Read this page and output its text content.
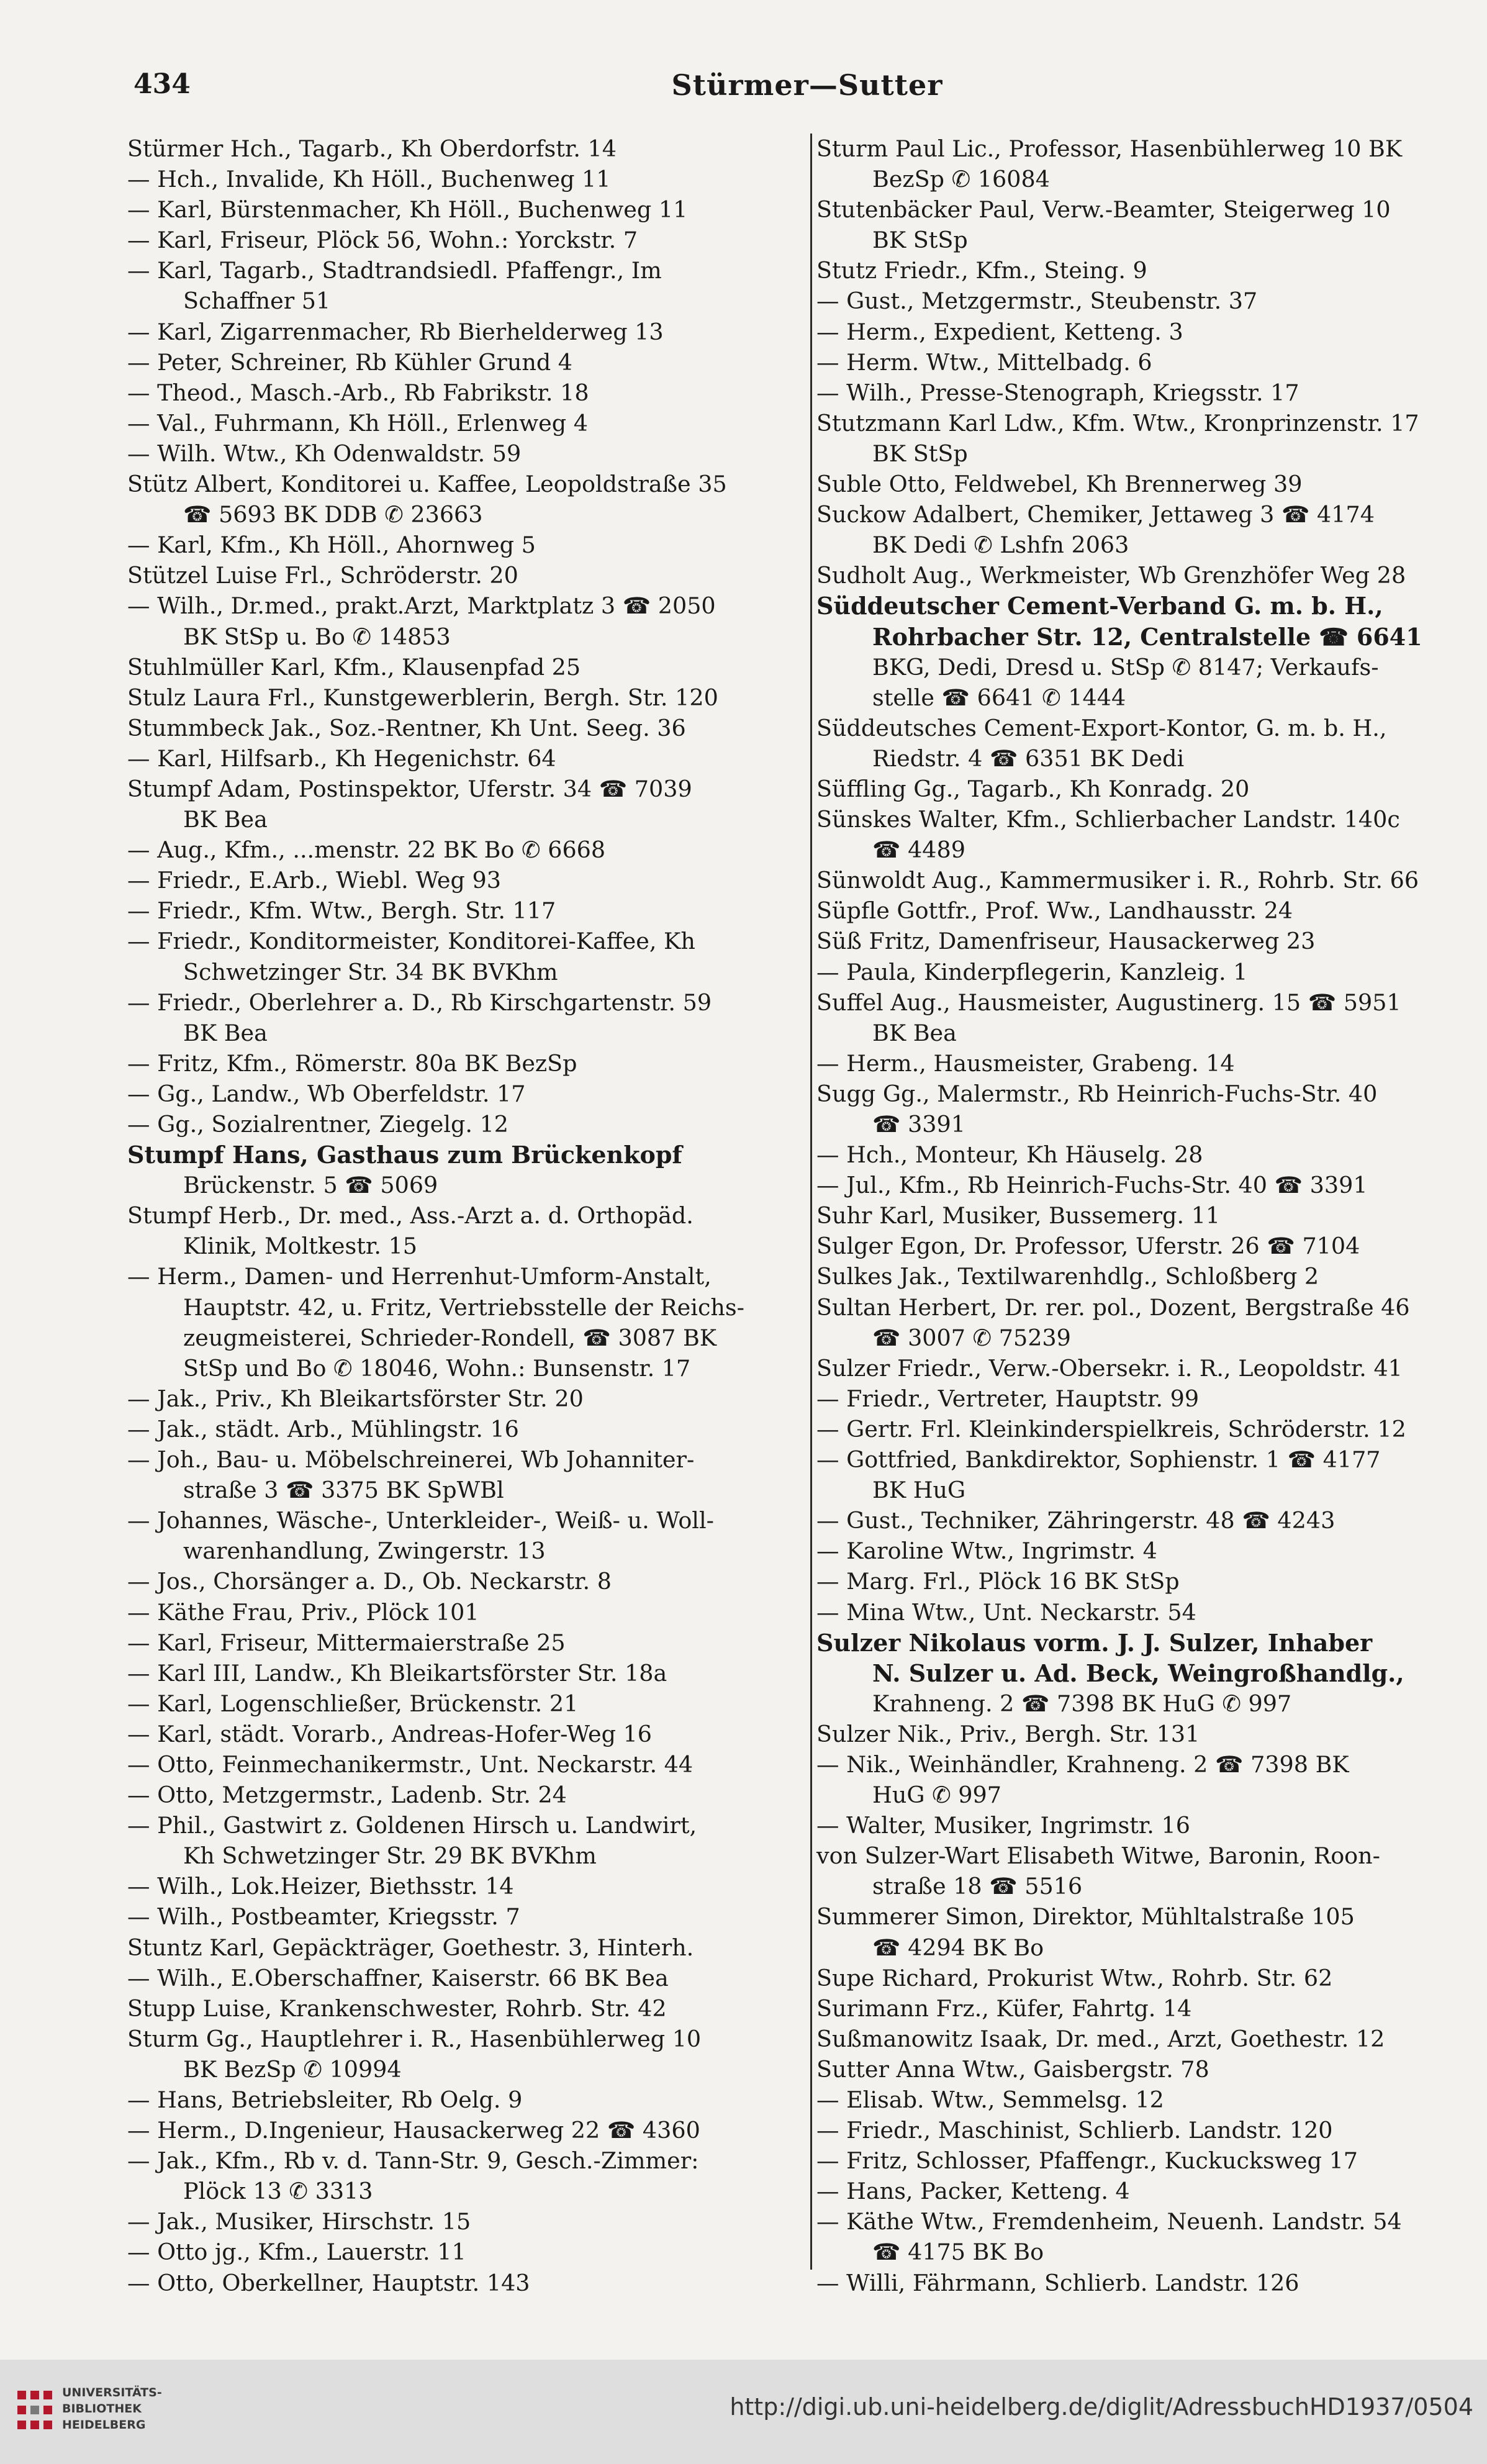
434	Stürmer—Sutter
Stürmer Hch., Tagarb., Kh Oberdorfstr. 14
— Hch., Invalide, Kh Höll., Buchenweg 11
— Karl, Bürstenmacher, Kh Höll., Buchenweg 11
— Karl, Friseur, Plöck 56, Wohn.: Yorckstr. 7
— Karl, Tagarb., Stadtrandsiedl. Pfaffengr., Im
Schaffner 51
— Karl, Zigarrenmacher, Rb Bierhelderweg 13
— Peter, Schreiner, Rb Kühler Grund 4
— Theod., Masch.-Arb., Rb Fabrikstr. 18
— Val., Fuhrmann, Kh Höll., Erlenweg 4
— Wilh. Wtw., Kh Odenwaldstr. 59
Stütz Albert, Konditorei u. Kaffee, Leopoldstraße 35
☎ 5693 BK DDB ✆ 23663
— Karl, Kfm., Kh Höll., Ahornweg 5
Stützel Luise Frl., Schröderstr. 20
— Wilh., Dr.med., prakt.Arzt, Marktplatz 3 ☎ 2050
BK StSp u. Bo ✆ 14853
Stuhlmüller Karl, Kfm., Klausenpfad 25
Stulz Laura Frl., Kunstgewerblerin, Bergh. Str. 120
Stummbeck Jak., Soz.-Rentner, Kh Unt. Seeg. 36
— Karl, Hilfsarb., Kh Hegenichstr. 64
Stumpf Adam, Postinspektor, Uferstr. 34 ☎ 7039
BK Bea
— Aug., Kfm., ...menstr. 22 BK Bo ✆ 6668
— Friedr., E.Arb., Wiebl. Weg 93
— Friedr., Kfm. Wtw., Bergh. Str. 117
— Friedr., Konditormeister, Konditorei-Kaffee, Kh
Schwetzinger Str. 34 BK BVKhm
— Friedr., Oberlehrer a. D., Rb Kirschgartenstr. 59
BK Bea
— Fritz, Kfm., Römerstr. 80a BK BezSp
— Gg., Landw., Wb Oberfeldstr. 17
— Gg., Sozialrentner, Ziegelg. 12
Stumpf Hans, Gasthaus zum Brückenkopf
Brückenstr. 5 ☎ 5069
Stumpf Herb., Dr. med., Ass.-Arzt a. d. Orthopäd.
Klinik, Moltkestr. 15
— Herm., Damen- und Herrenhut-Umform-Anstalt,
Hauptstr. 42, u. Fritz, Vertriebsstelle der Reichs-
zeugmeisterei, Schrieder-Rondell, ☎ 3087 BK
StSp und Bo ✆ 18046, Wohn.: Bunsenstr. 17
— Jak., Priv., Kh Bleikartsförster Str. 20
— Jak., städt. Arb., Mühlingstr. 16
— Joh., Bau- u. Möbelschreinerei, Wb Johanniter-
straße 3 ☎ 3375 BK SpWBl
— Johannes, Wäsche-, Unterkleider-, Weiß- u. Woll-
warenhandlung, Zwingerstr. 13
— Jos., Chorsänger a. D., Ob. Neckarstr. 8
— Käthe Frau, Priv., Plöck 101
— Karl, Friseur, Mittermaierstraße 25
— Karl III, Landw., Kh Bleikartsförster Str. 18a
— Karl, Logenschließer, Brückenstr. 21
— Karl, städt. Vorarb., Andreas-Hofer-Weg 16
— Otto, Feinmechanikermstr., Unt. Neckarstr. 44
— Otto, Metzgermstr., Ladenb. Str. 24
— Phil., Gastwirt z. Goldenen Hirsch u. Landwirt,
Kh Schwetzinger Str. 29 BK BVKhm
— Wilh., Lok.Heizer, Biethsstr. 14
— Wilh., Postbeamter, Kriegsstr. 7
Stuntz Karl, Gepäckträger, Goethestr. 3, Hinterh.
— Wilh., E.Oberschaffner, Kaiserstr. 66 BK Bea
Stupp Luise, Krankenschwester, Rohrb. Str. 42
Sturm Gg., Hauptlehrer i. R., Hasenbühlerweg 10
BK BezSp ✆ 10994
— Hans, Betriebsleiter, Rb Oelg. 9
— Herm., D.Ingenieur, Hausackerweg 22 ☎ 4360
— Jak., Kfm., Rb v. d. Tann-Str. 9, Gesch.-Zimmer:
Plöck 13 ✆ 3313
— Jak., Musiker, Hirschstr. 15
— Otto jg., Kfm., Lauerstr. 11
— Otto, Oberkellner, Hauptstr. 143
Sturm Paul Lic., Professor, Hasenbühlerweg 10 BK
BezSp ✆ 16084
Stutenbäcker Paul, Verw.-Beamter, Steigerweg 10
BK StSp
Stutz Friedr., Kfm., Steing. 9
— Gust., Metzgermstr., Steubenstr. 37
— Herm., Expedient, Ketteng. 3
— Herm. Wtw., Mittelbadg. 6
— Wilh., Presse-Stenograph, Kriegsstr. 17
Stutzmann Karl Ldw., Kfm. Wtw., Kronprinzenstr. 17
BK StSp
Suble Otto, Feldwebel, Kh Brennerweg 39
Suckow Adalbert, Chemiker, Jettaweg 3 ☎ 4174
BK Dedi ✆ Lshfn 2063
Sudholt Aug., Werkmeister, Wb Grenzhöfer Weg 28
Süddeutscher Cement-Verband G. m. b. H.,
Rohrbacher Str. 12, Centralstelle ☎ 6641
BKG, Dedi, Dresd u. StSp ✆ 8147; Verkaufs-
stelle ☎ 6641 ✆ 1444
Süddeutsches Cement-Export-Kontor, G. m. b. H.,
Riedstr. 4 ☎ 6351 BK Dedi
Süffling Gg., Tagarb., Kh Konradg. 20
Sünskes Walter, Kfm., Schlierbacher Landstr. 140c
☎ 4489
Sünwoldt Aug., Kammermusiker i. R., Rohrb. Str. 66
Süpfle Gottfr., Prof. Ww., Landhausstr. 24
Süß Fritz, Damenfriseur, Hausackerweg 23
— Paula, Kinderpflegerin, Kanzleig. 1
Suffel Aug., Hausmeister, Augustinerg. 15 ☎ 5951
BK Bea
— Herm., Hausmeister, Grabeng. 14
Sugg Gg., Malermstr., Rb Heinrich-Fuchs-Str. 40
☎ 3391
— Hch., Monteur, Kh Häuselg. 28
— Jul., Kfm., Rb Heinrich-Fuchs-Str. 40 ☎ 3391
Suhr Karl, Musiker, Bussemerg. 11
Sulger Egon, Dr. Professor, Uferstr. 26 ☎ 7104
Sulkes Jak., Textilwarenhdlg., Schloßberg 2
Sultan Herbert, Dr. rer. pol., Dozent, Bergstraße 46
☎ 3007 ✆ 75239
Sulzer Friedr., Verw.-Obersekr. i. R., Leopoldstr. 41
— Friedr., Vertreter, Hauptstr. 99
— Gertr. Frl. Kleinkinderspielkreis, Schröderstr. 12
— Gottfried, Bankdirektor, Sophienstr. 1 ☎ 4177
BK HuG
— Gust., Techniker, Zähringerstr. 48 ☎ 4243
— Karoline Wtw., Ingrimstr. 4
— Marg. Frl., Plöck 16 BK StSp
— Mina Wtw., Unt. Neckarstr. 54
Sulzer Nikolaus vorm. J. J. Sulzer, Inhaber
N. Sulzer u. Ad. Beck, Weingroßhandlg.,
Krahneng. 2 ☎ 7398 BK HuG ✆ 997
Sulzer Nik., Priv., Bergh. Str. 131
— Nik., Weinhändler, Krahneng. 2 ☎ 7398 BK
HuG ✆ 997
— Walter, Musiker, Ingrimstr. 16
von Sulzer-Wart Elisabeth Witwe, Baronin, Roon-
straße 18 ☎ 5516
Summerer Simon, Direktor, Mühltalstraße 105
☎ 4294 BK Bo
Supe Richard, Prokurist Wtw., Rohrb. Str. 62
Surimann Frz., Küfer, Fahrtg. 14
Sußmanowitz Isaak, Dr. med., Arzt, Goethestr. 12
Sutter Anna Wtw., Gaisbergstr. 78
— Elisab. Wtw., Semmelsg. 12
— Friedr., Maschinist, Schlierb. Landstr. 120
— Fritz, Schlosser, Pfaffengr., Kuckucksweg 17
— Hans, Packer, Ketteng. 4
— Käthe Wtw., Fremdenheim, Neuenh. Landstr. 54
☎ 4175 BK Bo
— Willi, Fährmann, Schlierb. Landstr. 126
UNIVERSITÄTS-
BIBLIOTHEK
HEIDELBERG
http://digi.ub.uni-heidelberg.de/diglit/AdressbuchHD1937/0504
